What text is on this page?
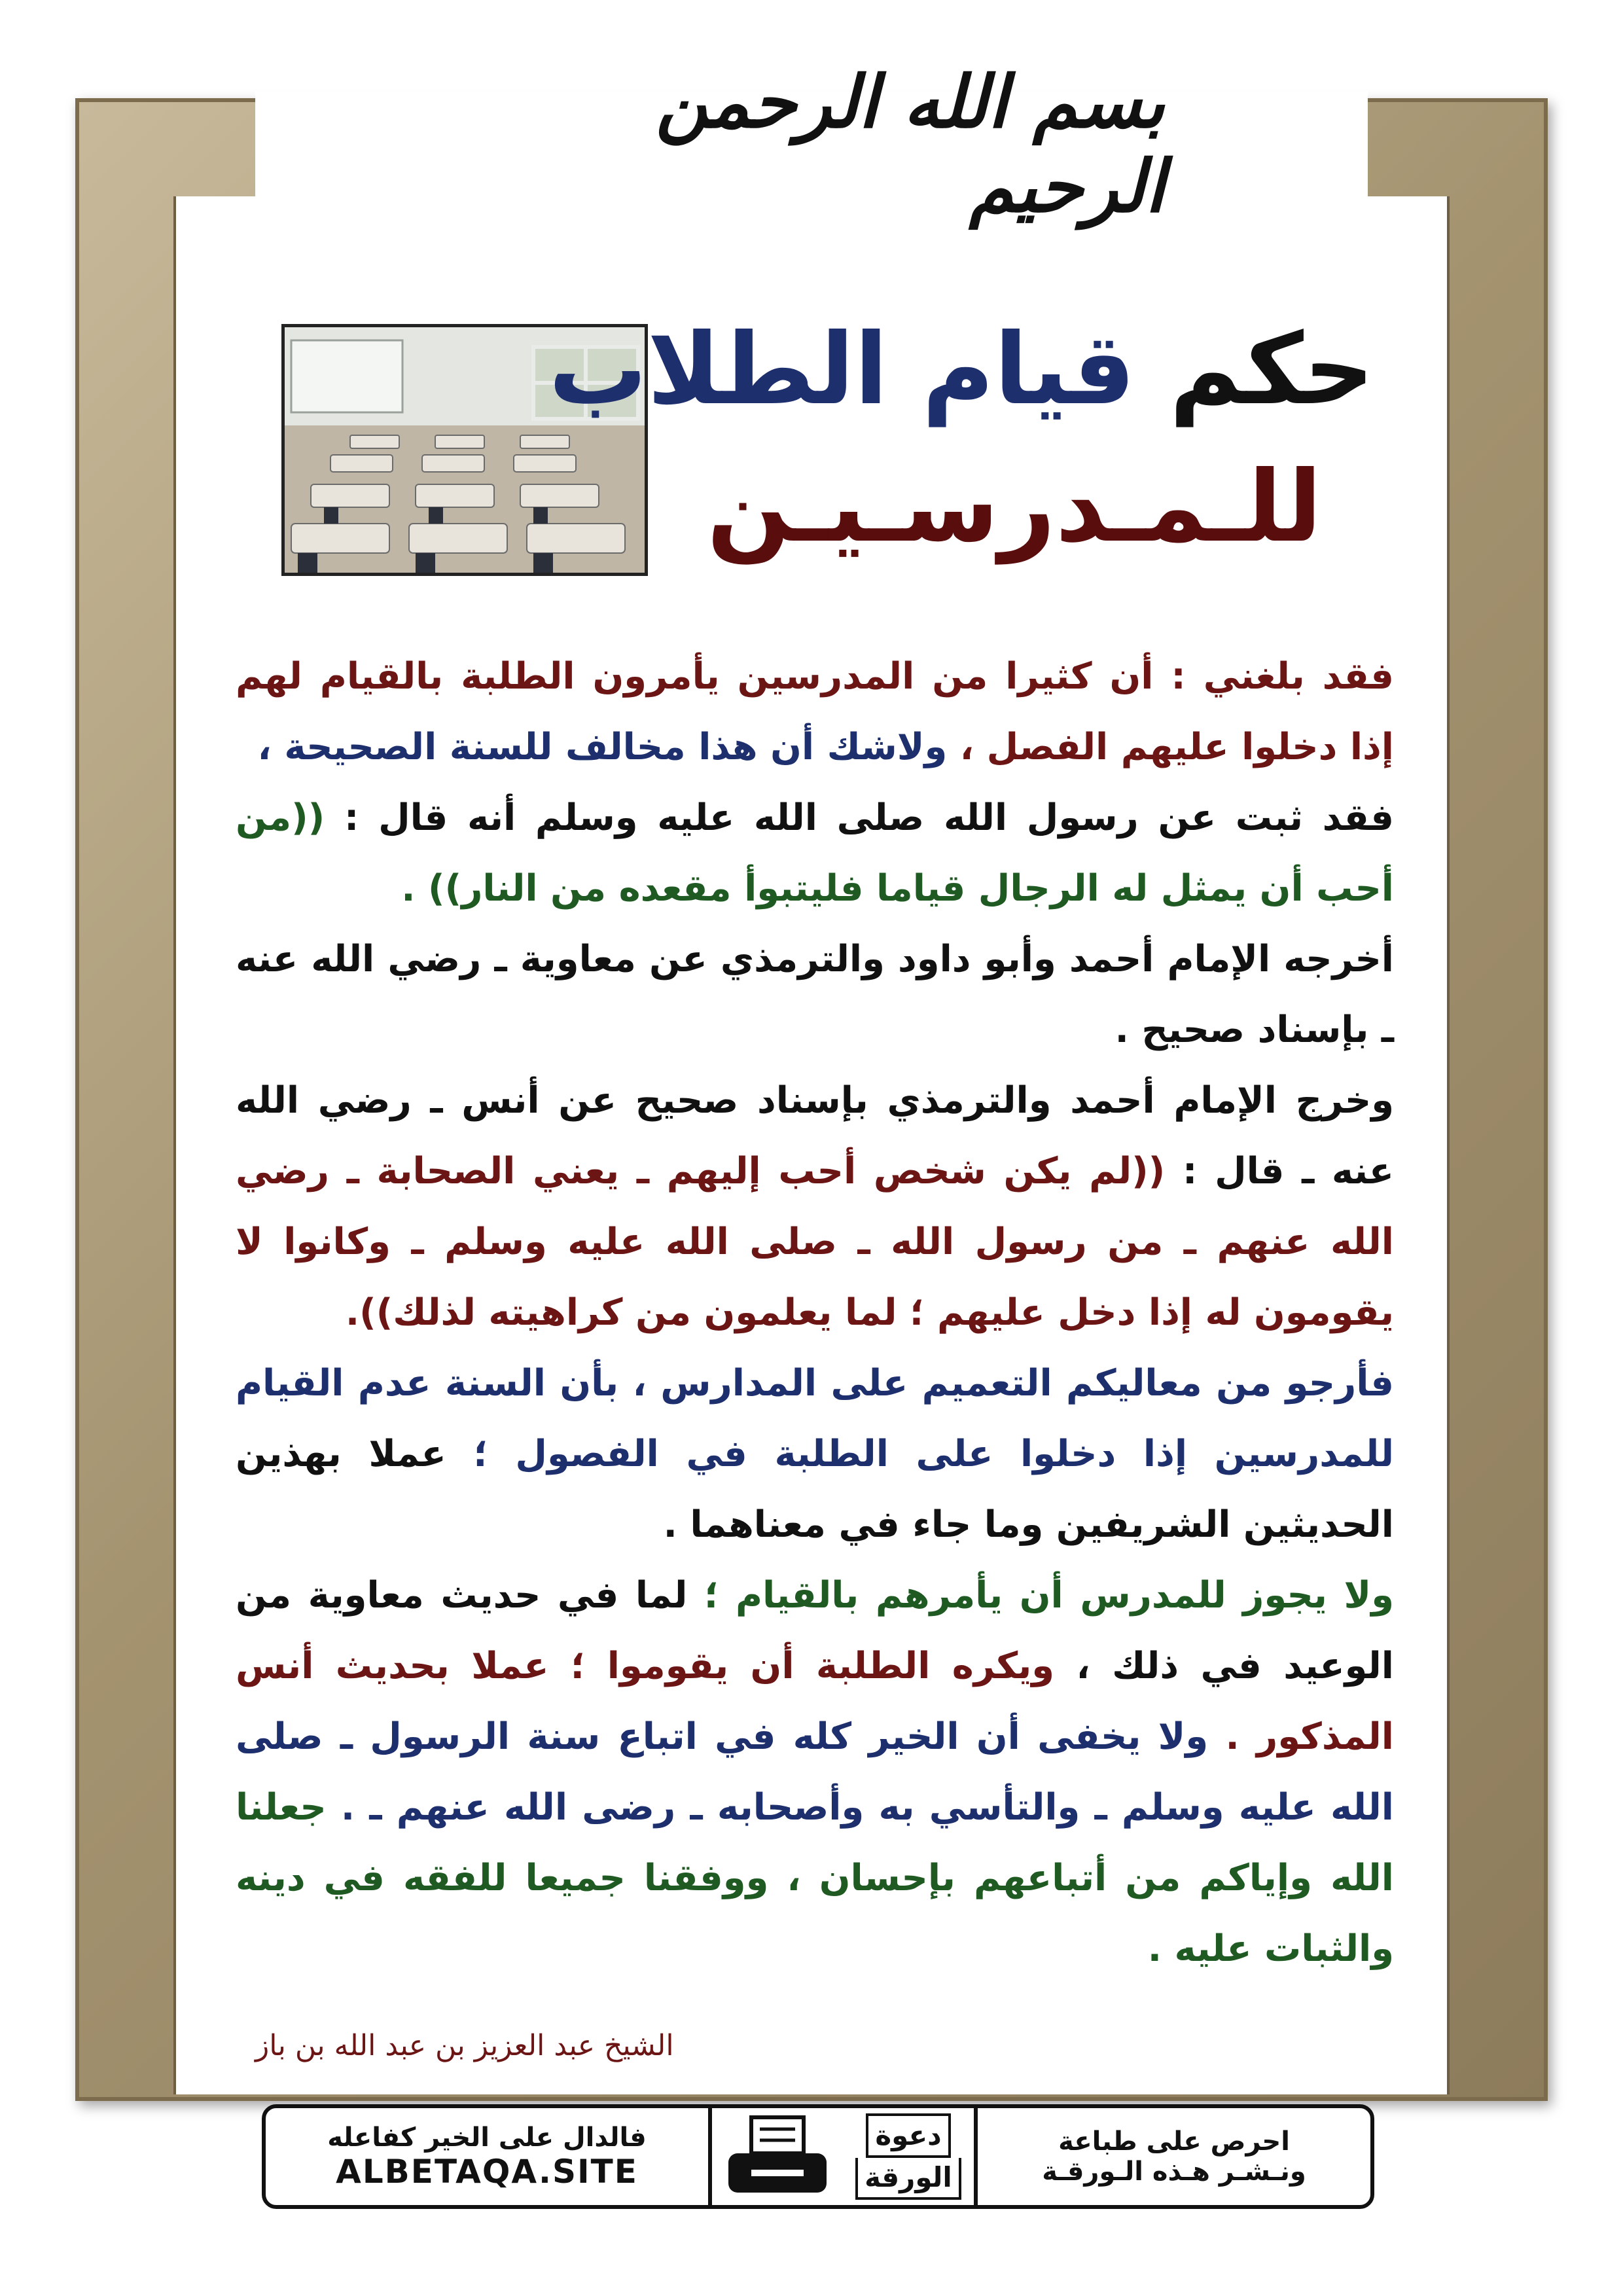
بسم الله الرحمن الرحيم
حكم قيام الطلاب
للـمـدرسـيـن
فقد بلغني : أن كثيرا من المدرسين يأمرون الطلبة بالقيام لهم إذا دخلوا عليهم الفصل ، ولاشك أن هذا مخالف للسنة الصحيحة ،
فقد ثبت عن رسول الله صلى الله عليه وسلم أنه قال : ((من أحب أن يمثل له الرجال قياما فليتبوأ مقعده من النار)) .
أخرجه الإمام أحمد وأبو داود والترمذي عن معاوية ـ رضي الله عنه ـ بإسناد صحيح .
وخرج الإمام أحمد والترمذي بإسناد صحيح عن أنس ـ رضي الله عنه ـ قال : ((لم يكن شخص أحب إليهم ـ يعني الصحابة ـ رضي الله عنهم ـ من رسول الله ـ صلى الله عليه وسلم ـ وكانوا لا يقومون له إذا دخل عليهم ؛ لما يعلمون من كراهيته لذلك)).
فأرجو من معاليكم التعميم على المدارس ، بأن السنة عدم القيام للمدرسين إذا دخلوا على الطلبة في الفصول ؛ عملا بهذين الحديثين الشريفين وما جاء في معناهما .
ولا يجوز للمدرس أن يأمرهم بالقيام ؛ لما في حديث معاوية من الوعيد في ذلك ، ويكره الطلبة أن يقوموا ؛ عملا بحديث أنس المذكور . ولا يخفى أن الخير كله في اتباع سنة الرسول ـ صلى الله عليه وسلم ـ والتأسي به وأصحابه ـ رضى الله عنهم ـ . جعلنا الله وإياكم من أتباعهم بإحسان ، ووفقنا جميعا للفقه في دينه والثبات عليه .
الشيخ عبد العزيز بن عبد الله بن باز
احرص على طباعة
ونـشـر هـذه الـورقـة
دعوة
الورقة
فالدال على الخير كفاعله
ALBETAQA.SITE
